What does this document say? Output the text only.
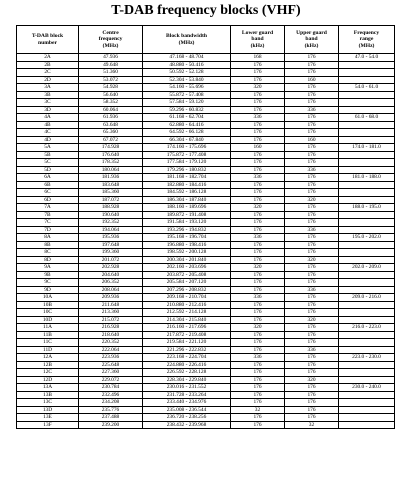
T-DAB frequency blocks (VHF)
T-DAB block
number	Centre
frequency
(MHz)	Block bandwidth
(MHz)	Lower guard
band
(kHz)	Upper guard
band
(kHz)	Frequency
range
(MHz)
2A	47.936	47.168 - 48.704	168	176	47.0 - 54.0
2B	49.648	48.880 - 50.416	176	176	
2C	51.360	50.592 - 52.128	176	176	
2D	53.072	52.304 - 53.840	176	160	
3A	54.928	54.160 - 55.696	320	176	54.0 - 61.0
3B	56.640	55.872 - 57.408	176	176	
3C	58.352	57.584 - 59.120	176	176	
3D	60.064	59.296 - 60.832	176	336	
4A	61.936	61.168 - 62.704	336	176	61.0 - 68.0
4B	63.648	62.880 - 64.416	176	176	
4C	65.360	64.592 - 66.128	176	176	
4D	67.072	66.304 - 67.840	176	160	
5A	174.928	174.160 - 175.696	160	176	174.0 - 181.0
5B	176.640	175.872 - 177.408	176	176	
5C	178.352	177.584 - 179.120	176	176	
5D	180.064	179.296 - 180.832	176	336	
6A	181.936	181.168 - 182.704	336	176	181.0 - 188.0
6B	183.648	182.880 - 184.416	176	176	
6C	185.360	184.592 - 186.128	176	176	
6D	187.072	186.304 - 187.840	176	320	
7A	188.928	188.160 - 189.696	320	176	188.0 - 195.0
7B	190.640	189.872 - 191.408	176	176	
7C	192.352	191.584 - 193.120	176	176	
7D	194.064	193.296 - 194.832	176	336	
8A	195.936	195.168 - 196.704	336	176	195.0 - 202.0
8B	197.648	196.880 - 198.416	176	176	
8C	199.360	198.592 - 200.128	176	176	
8D	201.072	200.304 - 201.840	176	320	
9A	202.928	202.160 - 203.696	320	176	202.0 - 209.0
9B	204.640	203.872 - 205.408	176	176	
9C	206.352	205.584 - 207.120	176	176	
9D	208.064	207.296 - 208.832	176	336	
10A	209.936	209.168 - 210.704	336	176	209.0 - 216.0
10B	211.648	210.880 - 212.416	176	176	
10C	213.360	212.592 - 214.128	176	176	
10D	215.072	214.304 - 215.840	176	320	
11A	216.928	216.160 - 217.696	320	176	216.0 - 223.0
11B	218.640	217.872 - 219.408	176	176	
11C	220.352	219.584 - 221.120	176	176	
11D	222.064	221.296 - 222.832	176	336	
12A	223.936	223.168 - 224.704	336	176	223.0 - 230.0
12B	225.648	224.880 - 226.416	176	176	
12C	227.360	226.592 - 228.128	176	176	
12D	229.072	228.304 - 229.840	176	320	
13A	230.784	230.016 - 231.552	176	176	230.0 - 240.0
13B	232.496	231.728 - 233.264	176	176	
13C	234.208	233.440 - 234.976	176	176	
13D	235.776	235.008 - 236.544	32	176	
13E	237.488	236.720 - 238.256	176	176	
13F	239.200	238.432 - 239.968	176	32	
